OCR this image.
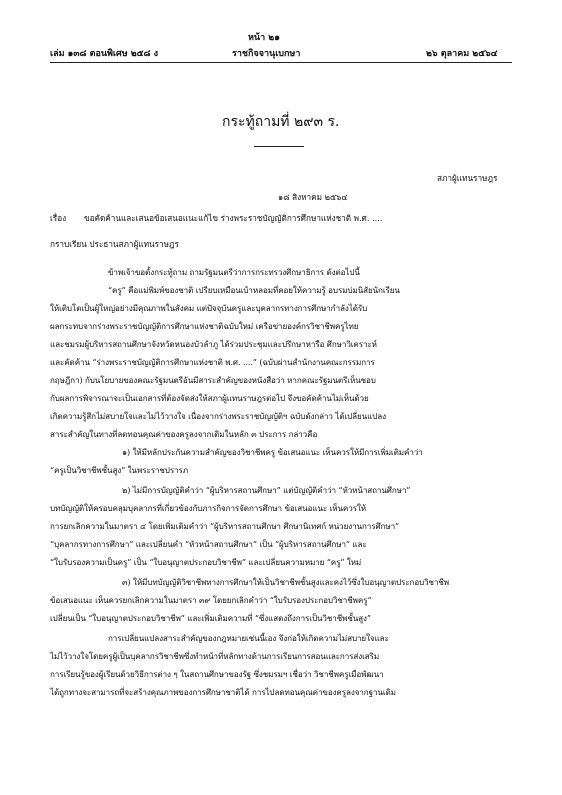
หน้า ๒๑
เล่ม ๑๓๘ ตอนพิเศษ ๒๕๘ ง	ราชกิจจานุเบกษา	๒๖ ตุลาคม ๒๕๖๔
กระทู้ถามที่ ๒๙๓ ร.
สภาผู้แทนราษฎร
๑๘ สิงหาคม ๒๕๖๔
เรื่อง ขอคัดค้านและเสนอข้อเสนอแนะแก้ไข ร่างพระราชบัญญัติการศึกษาแห่งชาติ พ.ศ. ....
กราบเรียน ประธานสภาผู้แทนราษฎร
ข้าพเจ้าขอตั้งกระทู้ถาม ถามรัฐมนตรีว่าการกระทรวงศึกษาธิการ ดังต่อไปนี้
“ครู” คือแม่พิมพ์ของชาติ เปรียบเหมือนเบ้าหลอมที่คอยให้ความรู้ อบรมบ่มนิสัยนักเรียน
ให้เติบโตเป็นผู้ใหญ่อย่างมีคุณภาพในสังคม แต่ปัจจุบันครูและบุคลากรทางการศึกษากำลังได้รับ
ผลกระทบจากร่างพระราชบัญญัติการศึกษาแห่งชาติฉบับใหม่ เครือข่ายองค์กรวิชาชีพครูไทย
และชมรมผู้บริหารสถานศึกษาจังหวัดหนองบัวลำภู ได้ร่วมประชุมและปรึกษาหารือ ศึกษาวิเคราะห์
และคัดค้าน “ร่างพระราชบัญญัติการศึกษาแห่งชาติ พ.ศ. ....” (ฉบับผ่านสำนักงานคณะกรรมการ
กฤษฎีกา) กับนโยบายของคณะรัฐมนตรีอันมีสาระสำคัญของหนังสือว่า หากคณะรัฐมนตรีเห็นชอบ
กับผลการพิจารณาจะเป็นเอกสารที่ต้องจัดส่งให้สภาผู้แทนราษฎรต่อไป จึงขอคัดค้านไม่เห็นด้วย
เกิดความรู้สึกไม่สบายใจและไม่ไว้วางใจ เนื่องจากร่างพระราชบัญญัติฯ ฉบับดังกล่าว ได้เปลี่ยนแปลง
สาระสำคัญในทางที่ลดทอนคุณค่าของครูลงจากเดิมในหลัก ๓ ประการ กล่าวคือ
๑) ให้มีหลักประกันความสำคัญของวิชาชีพครู ข้อเสนอแนะ เห็นควรให้มีการเพิ่มเติมคำว่า
“ครูเป็นวิชาชีพชั้นสูง” ในพระราชปรารภ
๒) ไม่มีการบัญญัติคำว่า “ผู้บริหารสถานศึกษา” แต่บัญญัติคำว่า “หัวหน้าสถานศึกษา”
บทบัญญัติให้ครอบคลุมบุคลากรที่เกี่ยวข้องกับภารกิจการจัดการศึกษา ข้อเสนอแนะ เห็นควรให้
การยกเลิกความในมาตรา ๔ โดยเพิ่มเติมคำว่า “ผู้บริหารสถานศึกษา ศึกษานิเทศก์ หน่วยงานการศึกษา”
“บุคลากรทางการศึกษา” และเปลี่ยนคำ “หัวหน้าสถานศึกษา” เป็น “ผู้บริหารสถานศึกษา” และ
“ใบรับรองความเป็นครู” เป็น “ใบอนุญาตประกอบวิชาชีพ” และเปลี่ยนความหมาย “ครู” ใหม่
๓) ให้มีบทบัญญัติวิชาชีพทางการศึกษาให้เป็นวิชาชีพชั้นสูงและคงไว้ซึ่งใบอนุญาตประกอบวิชาชีพ
ข้อเสนอแนะ เห็นควรยกเลิกความในมาตรา ๓๙ โดยยกเลิกคำว่า “ใบรับรองประกอบวิชาชีพครู”
เปลี่ยนเป็น “ใบอนุญาตประกอบวิชาชีพ” และเพิ่มเติมความที่ “ซึ่งแสดงถึงการเป็นวิชาชีพชั้นสูง”
การเปลี่ยนแปลงสาระสำคัญของกฎหมายเช่นนี้เอง จึงก่อให้เกิดความไม่สบายใจและ
ไม่ไว้วางใจโดยครูผู้เป็นบุคลากรวิชาชีพซึ่งทำหน้าที่หลักทางด้านการเรียนการสอนและการส่งเสริม
การเรียนรู้ของผู้เรียนด้วยวิธีการต่าง ๆ ในสถานศึกษาของรัฐ ซึ่งชมรมฯ เชื่อว่า วิชาชีพครูเมื่อพัฒนา
ได้ถูกทางจะสามารถที่จะสร้างคุณภาพของการศึกษาชาติได้ การไปลดทอนคุณค่าของครูลงจากฐานเดิม
